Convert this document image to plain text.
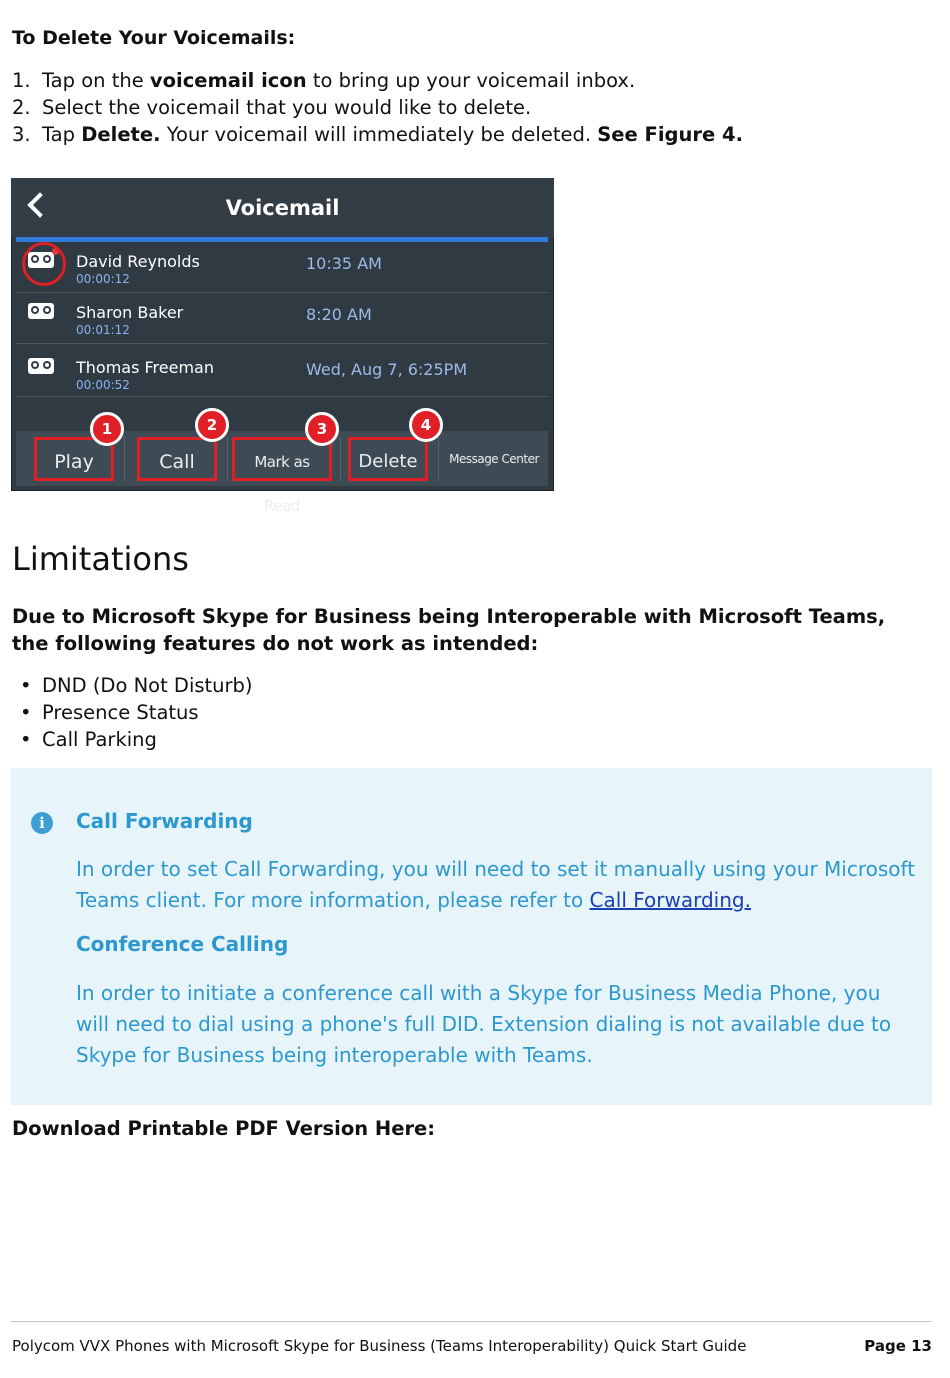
To Delete Your Voicemails:
1. Tap on the voicemail icon to bring up your voicemail inbox.
2. Select the voicemail that you would like to delete.
3. Tap Delete. Your voicemail will immediately be deleted. See Figure 4.
Voicemail
David Reynolds
00:00:12
10:35 AM
Sharon Baker
00:01:12
8:20 AM
Thomas Freeman
00:00:52
Wed, Aug 7, 6:25PM
Play	Call	Mark as Read
Delete	Message Center
1	2	3	4
Limitations
Due to Microsoft Skype for Business being Interoperable with Microsoft Teams, the following features do not work as intended:
• DND (Do Not Disturb)
• Presence Status
• Call Parking
i	Call Forwarding
In order to set Call Forwarding, you will need to set it manually using your Microsoft Teams client. For more information, please refer to Call Forwarding.
Conference Calling
In order to initiate a conference call with a Skype for Business Media Phone, you will need to dial using a phone's full DID. Extension dialing is not available due to Skype for Business being interoperable with Teams.
Download Printable PDF Version Here:
Polycom VVX Phones with Microsoft Skype for Business (Teams Interoperability) Quick Start Guide	Page 13
